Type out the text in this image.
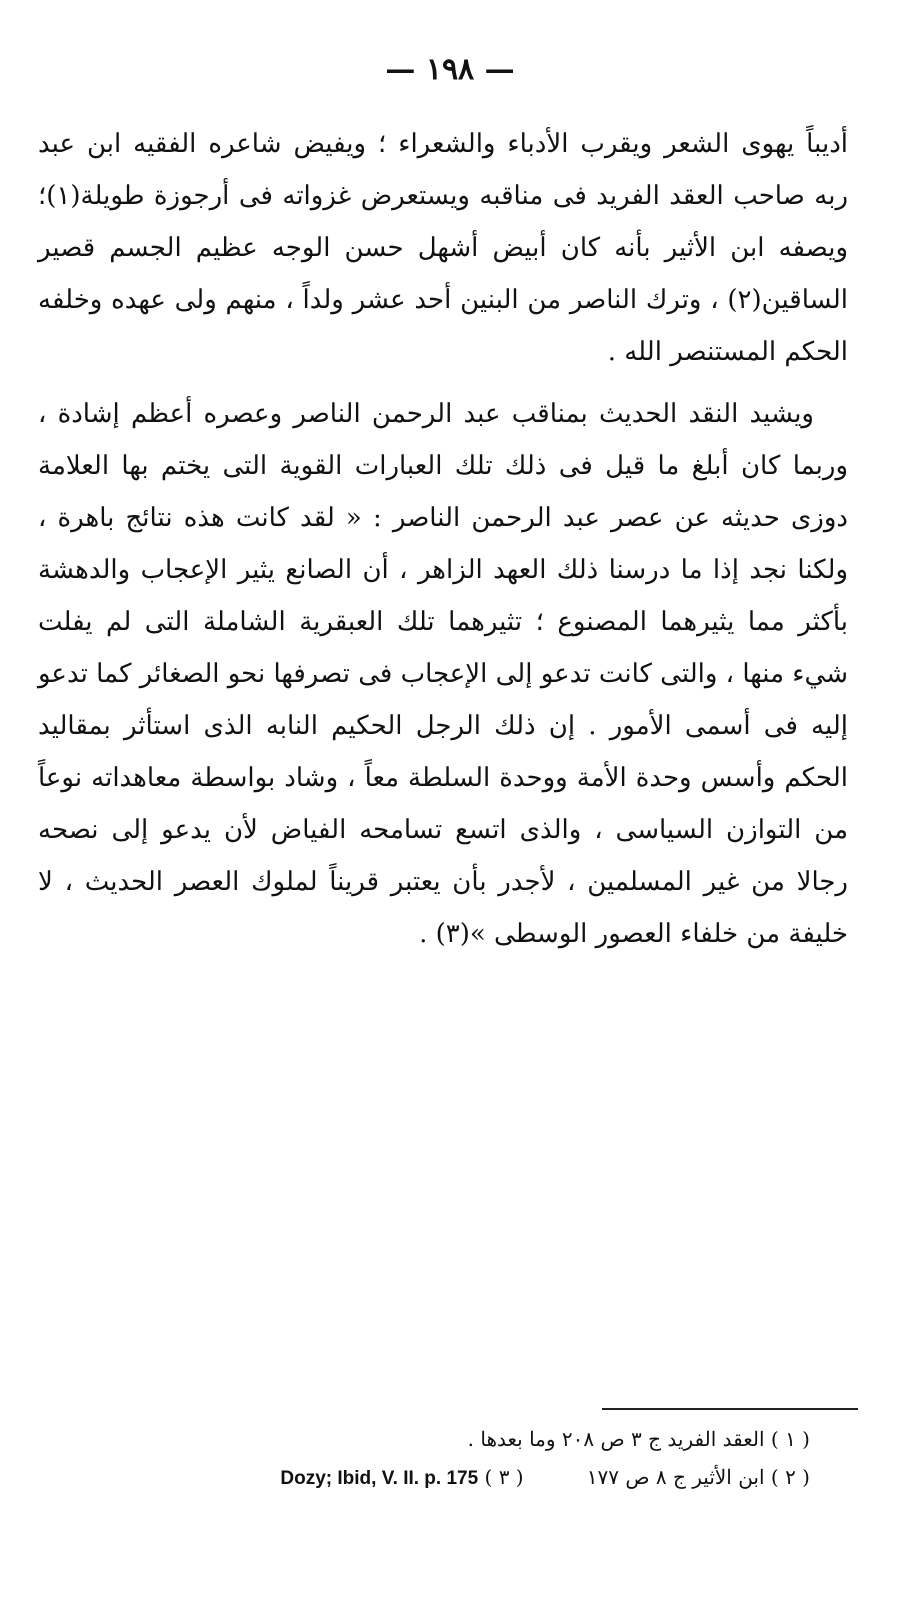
— ١٩٨ —

أديباً يهوى الشعر ويقرب الأدباء والشعراء ؛ ويفيض شاعره الفقيه ابن عبد ربه صاحب العقد الفريد فى مناقبه ويستعرض غزواته فى أرجوزة طويلة(١)؛ ويصفه ابن الأثير بأنه كان أبيض أشهل حسن الوجه عظيم الجسم قصير الساقين(٢) ، وترك الناصر من البنين أحد عشر ولداً ، منهم ولى عهده وخلفه الحكم المستنصر الله .

ويشيد النقد الحديث بمناقب عبد الرحمن الناصر وعصره أعظم إشادة ، وربما كان أبلغ ما قيل فى ذلك تلك العبارات القوية التى يختم بها العلامة دوزى حديثه عن عصر عبد الرحمن الناصر : « لقد كانت هذه نتائج باهرة ، ولكنا نجد إذا ما درسنا ذلك العهد الزاهر ، أن الصانع يثير الإعجاب والدهشة بأكثر مما يثيرهما المصنوع ؛ تثيرهما تلك العبقرية الشاملة التى لم يفلت شيء منها ، والتى كانت تدعو إلى الإعجاب فى تصرفها نحو الصغائر كما تدعو إليه فى أسمى الأمور . إن ذلك الرجل الحكيم النابه الذى استأثر بمقاليد الحكم وأسس وحدة الأمة ووحدة السلطة معاً ، وشاد بواسطة معاهداته نوعاً من التوازن السياسى ، والذى اتسع تسامحه الفياض لأن يدعو إلى نصحه رجالا من غير المسلمين ، لأجدر بأن يعتبر قريناً لملوك العصر الحديث ، لا خليفة من خلفاء العصور الوسطى »(٣) .

( ١ ) العقد الفريد ج ٣ ص ٢٠٨ وما بعدها .
( ٢ ) ابن الأثير ج ٨ ص ١٧٧ Dozy; Ibid, V. II. p. 175 ( ٣ )
